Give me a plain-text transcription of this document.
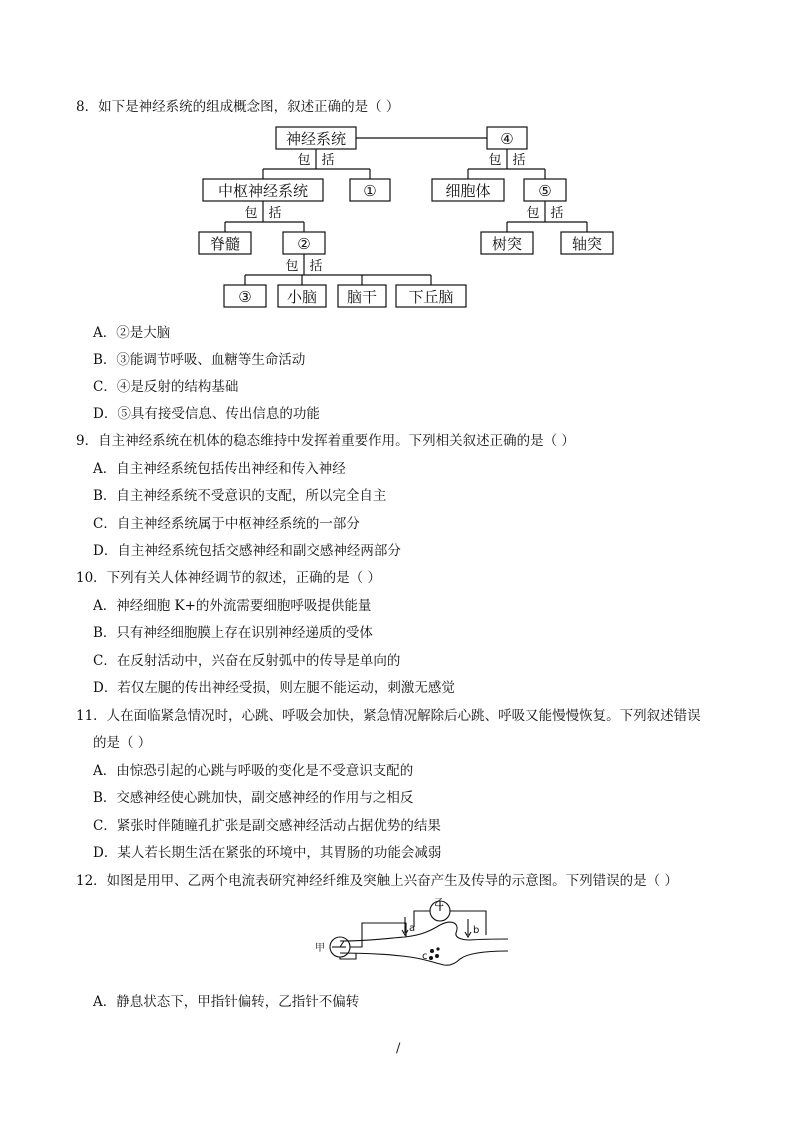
8．如下是神经系统的组成概念图，叙述正确的是（ ）
神经系统	④
中枢神经系统	①	细胞体	⑤
脊髓	②	树突	轴突
③ 小脑 脑干 下丘脑
包 括	包 括
包 括	包 括
包 括
A．②是大脑
B．③能调节呼吸、血糖等生命活动
C．④是反射的结构基础
D．⑤具有接受信息、传出信息的功能
9．自主神经系统在机体的稳态维持中发挥着重要作用。下列相关叙述正确的是（ ）
A．自主神经系统包括传出神经和传入神经
B．自主神经系统不受意识的支配，所以完全自主
C．自主神经系统属于中枢神经系统的一部分
D．自主神经系统包括交感神经和副交感神经两部分
10．下列有关人体神经调节的叙述，正确的是（ ）
A．神经细胞 K+的外流需要细胞呼吸提供能量
B．只有神经细胞膜上存在识别神经递质的受体
C．在反射活动中，兴奋在反射弧中的传导是单向的
D．若仅左腿的传出神经受损，则左腿不能运动，刺激无感觉
11．人在面临紧急情况时，心跳、呼吸会加快，紧急情况解除后心跳、呼吸又能慢慢恢复。下列叙述错误
的是（ ）
A．由惊恐引起的心跳与呼吸的变化是不受意识支配的
B．交感神经使心跳加快，副交感神经的作用与之相反
C．紧张时伴随瞳孔扩张是副交感神经活动占据优势的结果
D．某人若长期生活在紧张的环境中，其胃肠的功能会减弱
12．如图是用甲、乙两个电流表研究神经纤维及突触上兴奋产生及传导的示意图。下列错误的是（ ）
甲
乙
a	b
c
A．静息状态下，甲指针偏转，乙指针不偏转
/
